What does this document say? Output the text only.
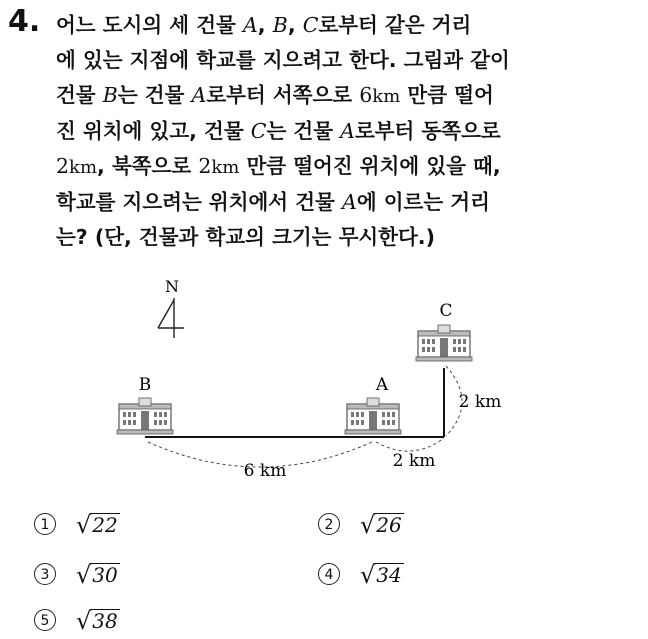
4. 어느 도시의 세 건물 A, B, C로부터 같은 거리
에 있는 지점에 학교를 지으려고 한다. 그림과 같이
건물 B는 건물 A로부터 서쪽으로 6km 만큼 떨어
진 위치에 있고, 건물 C는 건물 A로부터 동쪽으로
2km, 북쪽으로 2km 만큼 떨어진 위치에 있을 때,
학교를 지으려는 위치에서 건물 A에 이르는 거리
는? (단, 건물과 학교의 크기는 무시한다.)
N
B	A
C
6 km	2 km
2 km
1 √ 22	2 √ 26
3 √ 30	4 √ 34
5 √ 38
